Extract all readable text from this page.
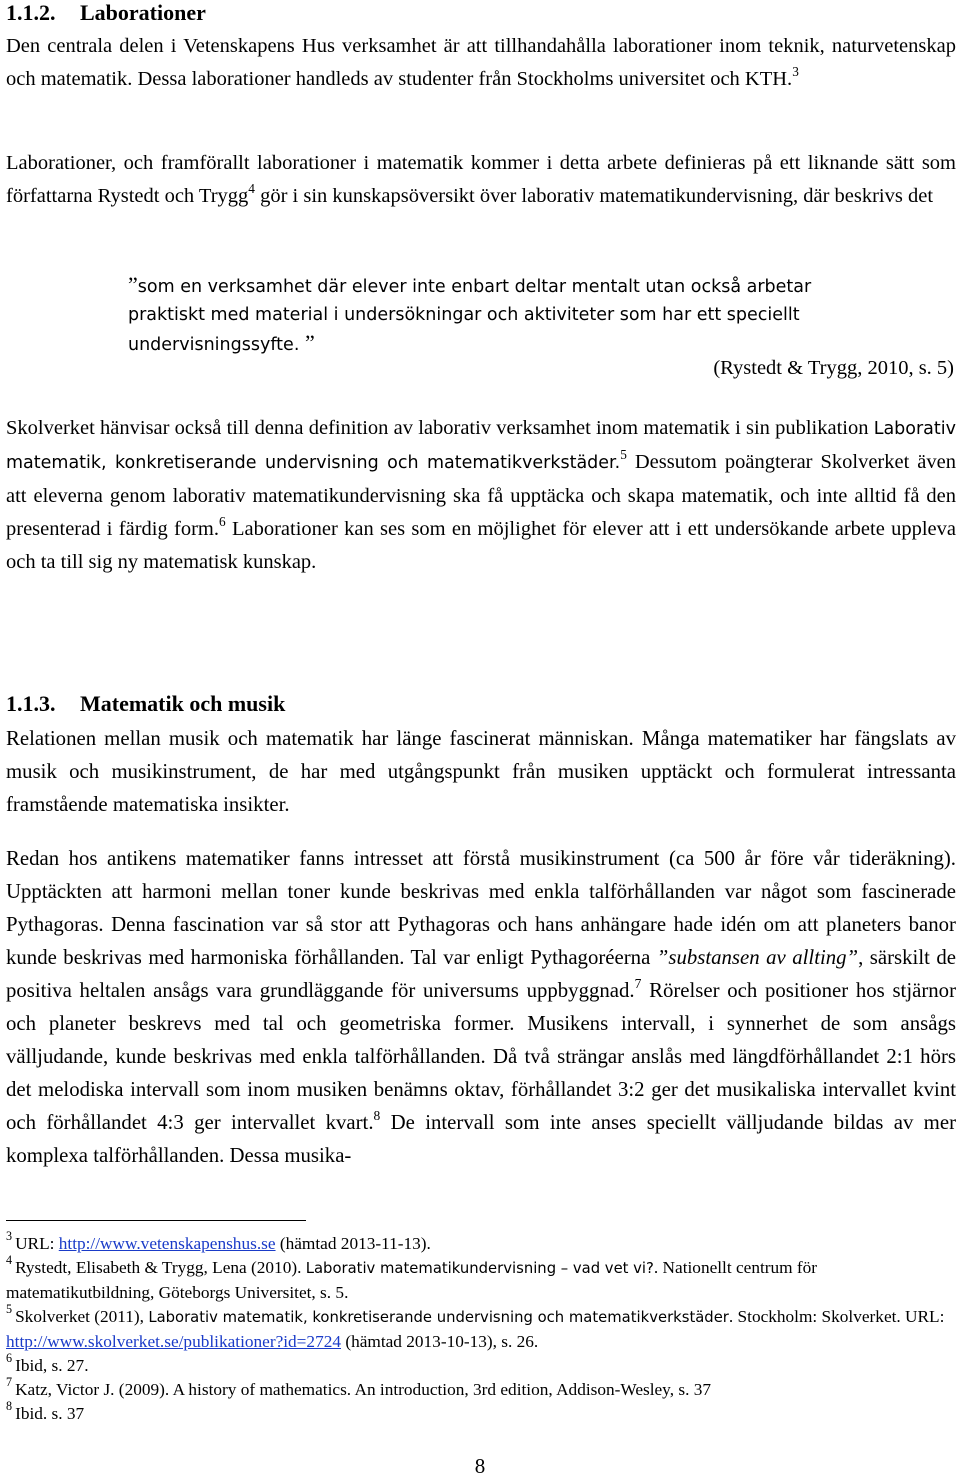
1.1.2. Laborationer

Den centrala delen i Vetenskapens Hus verksamhet är att tillhandahålla laborationer inom teknik, naturvetenskap och matematik. Dessa laborationer handleds av studenter från Stockholms universitet och KTH.$^3$

Laborationer, och framförallt laborationer i matematik kommer i detta arbete definieras på ett liknande sätt som författarna Rystedt och Trygg$^4$ gör i sin kunskapsöversikt över laborativ matematikundervisning, där beskrivs det

”som en verksamhet där elever inte enbart deltar mentalt utan också arbetar praktiskt med material i undersökningar och aktiviteter som har ett speciellt undervisningssyfte. ”

(Rystedt & Trygg, 2010, s. 5)

Skolverket hänvisar också till denna definition av laborativ verksamhet inom matematik i sin publikation Laborativ matematik, konkretiserande undervisning och matematikverkstäder.$^5$ Dessutom poängterar Skolverket även att eleverna genom laborativ matematikundervisning ska få upptäcka och skapa matematik, och inte alltid få den presenterad i färdig form.$^6$ Laborationer kan ses som en möjlighet för elever att i ett undersökande arbete uppleva och ta till sig ny matematisk kunskap.

1.1.3. Matematik och musik

Relationen mellan musik och matematik har länge fascinerat människan. Många matematiker har fängslats av musik och musikinstrument, de har med utgångspunkt från musiken upptäckt och formulerat intressanta framstående matematiska insikter.

Redan hos antikens matematiker fanns intresset att förstå musikinstrument (ca 500 år före vår tideräkning). Upptäckten att harmoni mellan toner kunde beskrivas med enkla talförhållanden var något som fascinerade Pythagoras. Denna fascination var så stor att Pythagoras och hans anhängare hade idén om att planeters banor kunde beskrivas med harmoniska förhållanden. Tal var enligt Pythagoréerna ”substansen av allting”, särskilt de positiva heltalen ansågs vara grundläggande för universums uppbyggnad.$^7$ Rörelser och positioner hos stjärnor och planeter beskrevs med tal och geometriska former. Musikens intervall, i synnerhet de som ansågs välljudande, kunde beskrivas med enkla talförhållanden. Då två strängar anslås med längdförhållandet 2:1 hörs det melodiska intervall som inom musiken benämns oktav, förhållandet 3:2 ger det musikaliska intervallet kvint och förhållandet 4:3 ger intervallet kvart.$^8$ De intervall som inte anses speciellt välljudande bildas av mer komplexa talförhållanden. Dessa musika-

$^3$ URL: http://www.vetenskapenshus.se (hämtad 2013-11-13).

$^4$ Rystedt, Elisabeth & Trygg, Lena (2010). Laborativ matematikundervisning – vad vet vi?. Nationellt centrum för matematikutbildning, Göteborgs Universitet, s. 5.

$^5$ Skolverket (2011), Laborativ matematik, konkretiserande undervisning och matematikverkstäder. Stockholm: Skolverket. URL: http://www.skolverket.se/publikationer?id=2724 (hämtad 2013-10-13), s. 26.

$^6$ Ibid, s. 27.

$^7$ Katz, Victor J. (2009). A history of mathematics. An introduction, 3rd edition, Addison-Wesley, s. 37

$^8$ Ibid. s. 37

8
